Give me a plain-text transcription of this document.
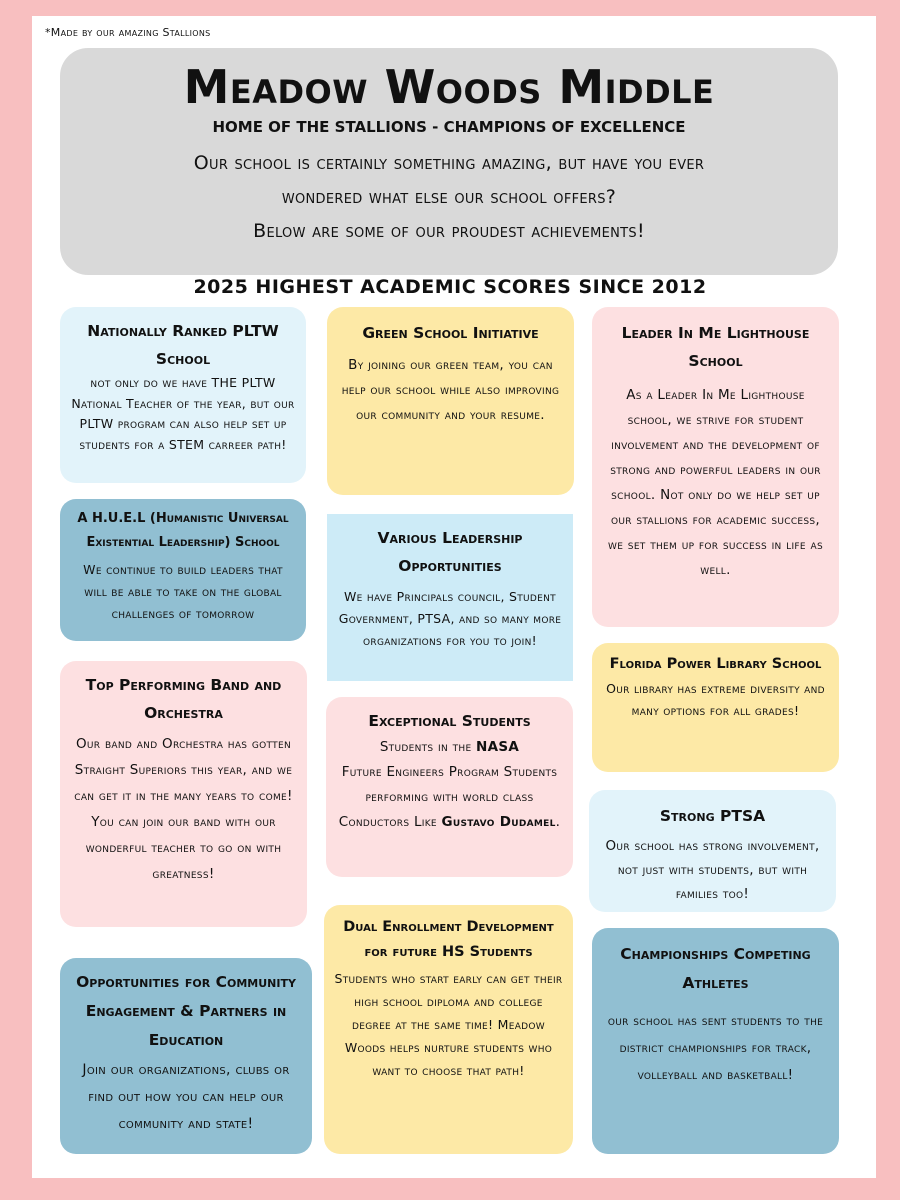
*Made by our amazing Stallions
Meadow Woods Middle
HOME OF THE STALLIONS - CHAMPIONS OF EXCELLENCE
Our school is certainly something amazing, but have you ever
wondered what else our school offers?
Below are some of our proudest achievements!
2025 HIGHEST ACADEMIC SCORES SINCE 2012
Nationally Ranked PLTW School

not only do we have THE PLTW National Teacher of the year, but our PLTW program can also help set up students for a STEM carreer path!

A H.U.E.L (Humanistic Universal Existential Leadership) School

We continue to build leaders that will be able to take on the global challenges of tomorrow

Top Performing Band and Orchestra

Our band and Orchestra has gotten Straight Superiors this year, and we can get it in the many years to come! You can join our band with our wonderful teacher to go on with greatness!

Opportunities for Community Engagement & Partners in Education

Join our organizations, clubs or find out how you can help our community and state!

Green School Initiative

By joining our green team, you can help our school while also improving our community and your resume.

Various Leadership Opportunities

We have Principals council, Student Government, PTSA, and so many more organizations for you to join!

Exceptional Students

Students in the NASA
Future Engineers Program Students performing with world class Conductors Like Gustavo Dudamel.

Dual Enrollment Development for future HS Students

Students who start early can get their high school diploma and college degree at the same time! Meadow Woods helps nurture students who want to choose that path!

Leader In Me Lighthouse School

As a Leader In Me Lighthouse school, we strive for student involvement and the development of strong and powerful leaders in our school. Not only do we help set up our stallions for academic success, we set them up for success in life as well.

Florida Power Library School

Our library has extreme diversity and many options for all grades!

Strong PTSA

Our school has strong involvement, not just with students, but with families too!

Championships Competing Athletes

our school has sent students to the district championships for track, volleyball and basketball!
